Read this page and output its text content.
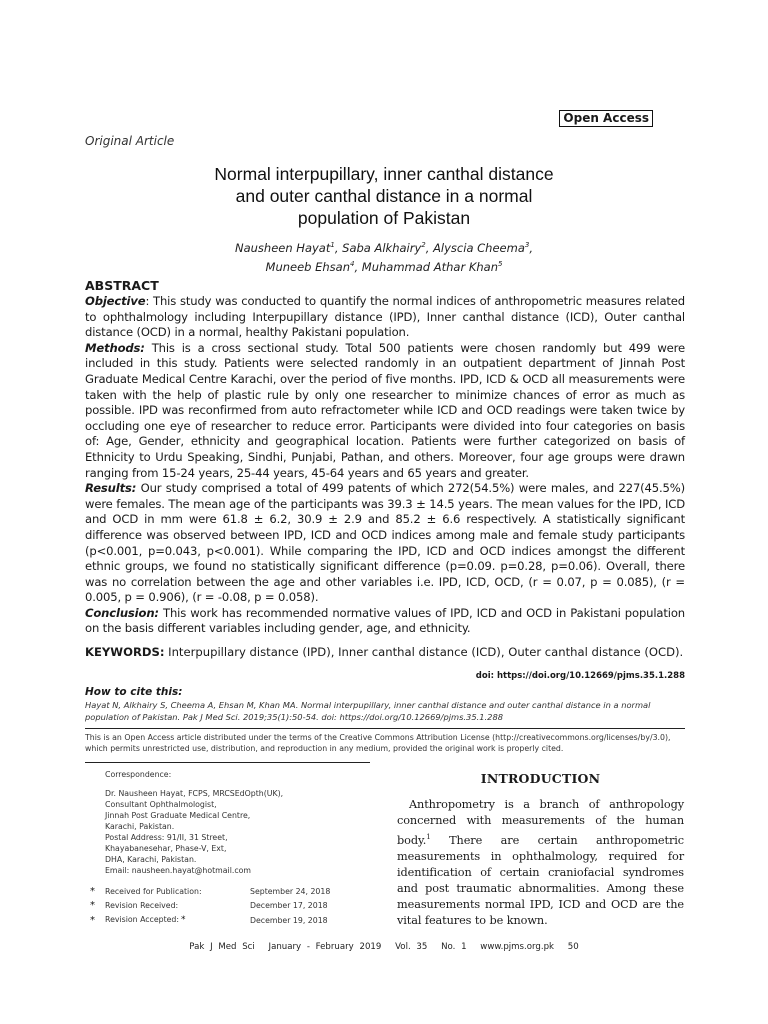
Open Access
Original Article
Normal interpupillary, inner canthal distance
and outer canthal distance in a normal
population of Pakistan
Nausheen Hayat$^1$, Saba Alkhairy$^2$, Alyscia Cheema$^3$,
Muneeb Ehsan$^4$, Muhammad Athar Khan$^5$
ABSTRACT

Objective: This study was conducted to quantify the normal indices of anthropometric measures related to ophthalmology including Interpupillary distance (IPD), Inner canthal distance (ICD), Outer canthal distance (OCD) in a normal, healthy Pakistani population.

Methods: This is a cross sectional study. Total 500 patients were chosen randomly but 499 were included in this study. Patients were selected randomly in an outpatient department of Jinnah Post Graduate Medical Centre Karachi, over the period of five months. IPD, ICD & OCD all measurements were taken with the help of plastic rule by only one researcher to minimize chances of error as much as possible. IPD was reconfirmed from auto refractometer while ICD and OCD readings were taken twice by occluding one eye of researcher to reduce error. Participants were divided into four categories on basis of: Age, Gender, ethnicity and geographical location. Patients were further categorized on basis of Ethnicity to Urdu Speaking, Sindhi, Punjabi, Pathan, and others. Moreover, four age groups were drawn ranging from 15-24 years, 25-44 years, 45-64 years and 65 years and greater.

Results: Our study comprised a total of 499 patents of which 272(54.5%) were males, and 227(45.5%) were females. The mean age of the participants was 39.3 ± 14.5 years. The mean values for the IPD, ICD and OCD in mm were 61.8 ± 6.2, 30.9 ± 2.9 and 85.2 ± 6.6 respectively. A statistically significant difference was observed between IPD, ICD and OCD indices among male and female study participants (p<0.001, p=0.043, p<0.001). While comparing the IPD, ICD and OCD indices amongst the different ethnic groups, we found no statistically significant difference (p=0.09. p=0.28, p=0.06). Overall, there was no correlation between the age and other variables i.e. IPD, ICD, OCD, (r = 0.07, p = 0.085), (r = 0.005, p = 0.906), (r = -0.08, p = 0.058).

Conclusion: This work has recommended normative values of IPD, ICD and OCD in Pakistani population on the basis different variables including gender, age, and ethnicity.

KEYWORDS: Interpupillary distance (IPD), Inner canthal distance (ICD), Outer canthal distance (OCD).
doi: https://doi.org/10.12669/pjms.35.1.288
How to cite this:
Hayat N, Alkhairy S, Cheema A, Ehsan M, Khan MA. Normal interpupillary, inner canthal distance and outer canthal distance in a normal population of Pakistan. Pak J Med Sci. 2019;35(1):50-54. doi: https://doi.org/10.12669/pjms.35.1.288
This is an Open Access article distributed under the terms of the Creative Commons Attribution License (http://creativecommons.org/licenses/by/3.0), which permits unrestricted use, distribution, and reproduction in any medium, provided the original work is properly cited.
Correspondence:
Dr. Nausheen Hayat, FCPS, MRCSEdOpth(UK),
Consultant Ophthalmologist,
Jinnah Post Graduate Medical Centre,
Karachi, Pakistan.
Postal Address: 91/II, 31 Street,
Khayabanesehar, Phase-V, Ext,
DHA, Karachi, Pakistan.
Email: nausheen.hayat@hotmail.com
*	Received for Publication:	September 24, 2018
*	Revision Received:	December 17, 2018
*	Revision Accepted: *	December 19, 2018
INTRODUCTION

Anthropometry is a branch of anthropology concerned with measurements of the human body.$^1$ There are certain anthropometric measurements in ophthalmology, required for identification of certain craniofacial syndromes and post traumatic abnormalities. Among these measurements normal IPD, ICD and OCD are the vital features to be known.

Pak J Med Sci January - February 2019 Vol. 35 No. 1 www.pjms.org.pk 50
